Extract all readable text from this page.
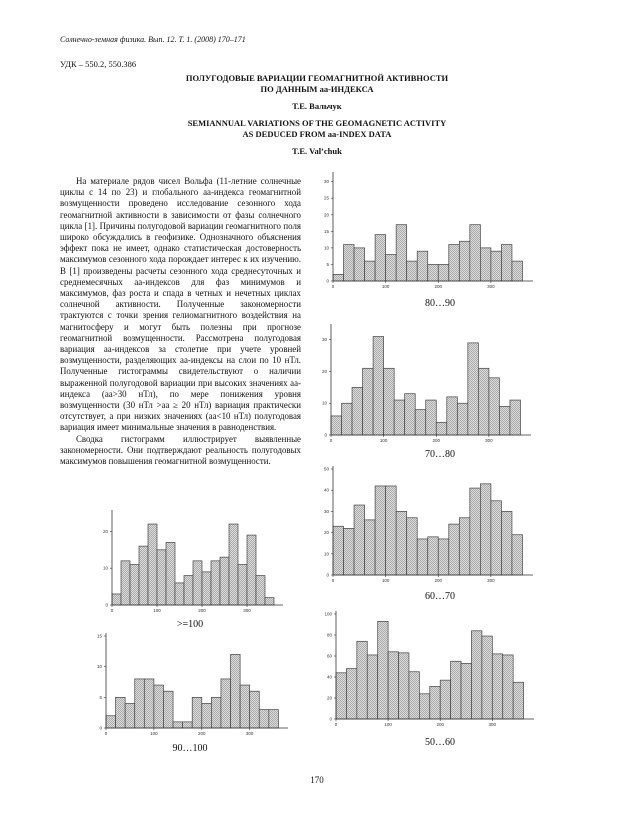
Солнечно-земная физика. Вып. 12. Т. 1. (2008) 170–171
УДК – 550.2, 550.386
ПОЛУГОДОВЫЕ ВАРИАЦИИ ГЕОМАГНИТНОЙ АКТИВНОСТИ
ПО ДАННЫМ аа-ИНДЕКСА
Т.Е. Вальчук
SEMIANNUAL VARIATIONS OF THE GEOMAGNETIC ACTIVITY
AS DEDUCED FROM aa-INDEX DATA
T.E. Val’chuk

На материале рядов чисел Вольфа (11-летние солнечные циклы с 14 по 23) и глобального аа-индекса геомагнитной возмущенности проведено исследование сезонного хода геомагнитной активности в зависимости от фазы солнечного цикла [1]. Причины полугодовой вариации геомагнитного поля широко обсуждались в геофизике. Однозначного объяснения эффект пока не имеет, однако статистическая достоверность максимумов сезонного хода порождает интерес к их изучению. В [1] произведены расчеты сезонного хода среднесуточных и среднемесячных аа-индексов для фаз минимумов и максимумов, фаз роста и спада в четных и нечетных циклах солнечной активности. Полученные закономерности трактуются с точки зрения гелиомагнитного воздействия на магнитосферу и могут быть полезны при прогнозе геомагнитной возмущенности. Рассмотрена полугодовая вариация аа-индексов за столетие при учете уровней возмущенности, разделяющих аа-индексы на слои по 10 нТл. Полученные гистограммы свидетельствуют о наличии выраженной полугодовой вариации при высоких значениях аа-индекса (аа>30 нТл), по мере понижения уровня возмущенности (30 нТл >аа ≥ 20 нТл) вариация практически отсутствует, а при низких значениях (аа<10 нТл) полугодовая вариация имеет минимальные значения в равноденствия.

Сводка гистограмм иллюстрирует выявленные закономерности. Они подтверждают реальность полугодовых максимумов повышения геомагнитной возмущенности.

0
5
10
15
20
25
30
0	100	200	300
80…90
0
10
20
30
0	100	200	300
70…80
0
10
20
30
40
50
0	100	200	300
60…70
0
20
40
60
80
100
0	100	200	300
50…60
0
10
20
0	100	200	300
>=100
0
5
10
15
0	100	200	300
90…100
170
